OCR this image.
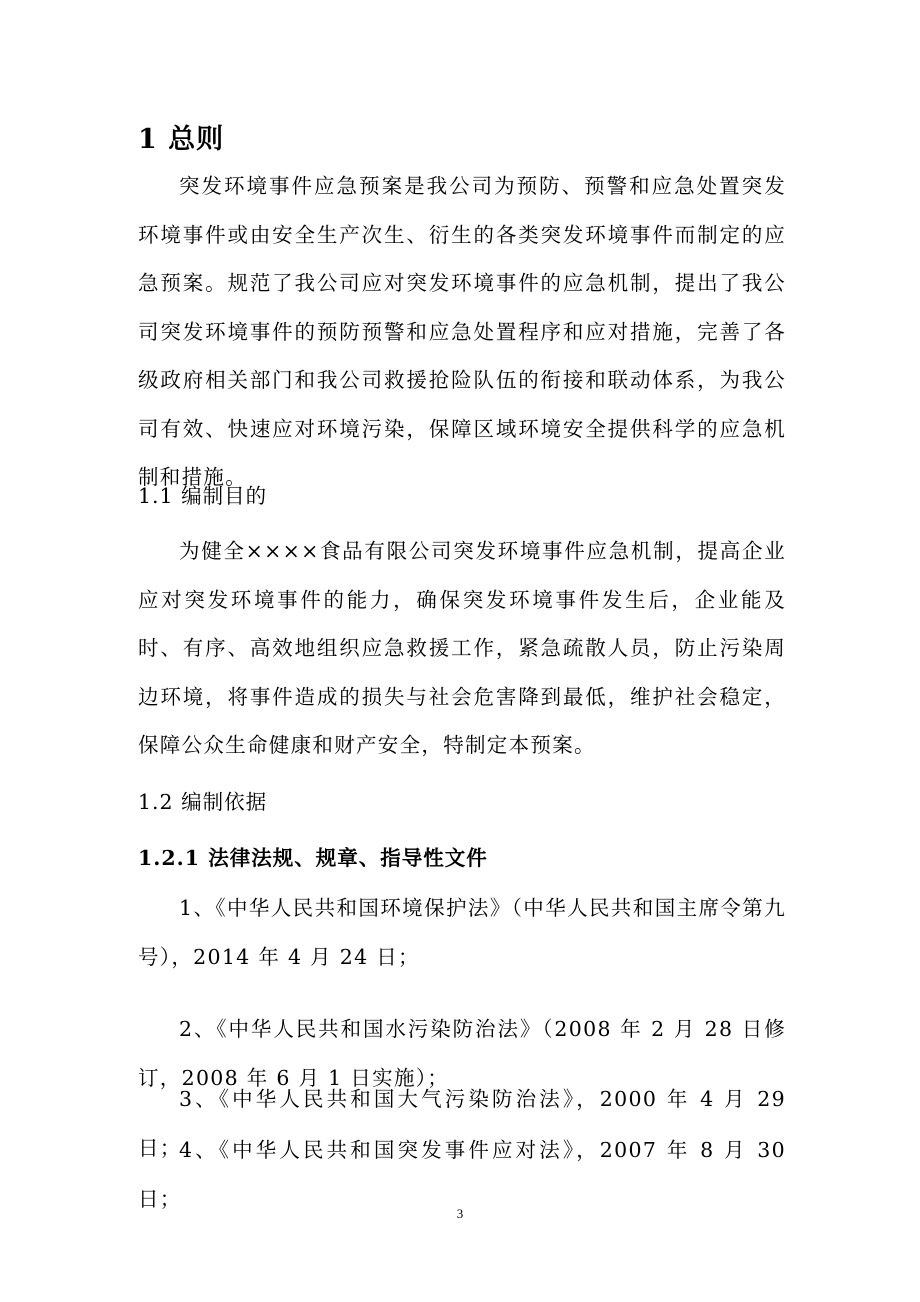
1 总则

突发环境事件应急预案是我公司为预防、预警和应急处置突发环境事件或由安全生产次生、衍生的各类突发环境事件而制定的应急预案。规范了我公司应对突发环境事件的应急机制，提出了我公司突发环境事件的预防预警和应急处置程序和应对措施，完善了各级政府相关部门和我公司救援抢险队伍的衔接和联动体系，为我公司有效、快速应对环境污染，保障区域环境安全提供科学的应急机制和措施。

1.1 编制目的

为健全××××食品有限公司突发环境事件应急机制，提高企业应对突发环境事件的能力，确保突发环境事件发生后，企业能及时、有序、高效地组织应急救援工作，紧急疏散人员，防止污染周边环境，将事件造成的损失与社会危害降到最低，维护社会稳定，保障公众生命健康和财产安全，特制定本预案。

1.2 编制依据
1.2.1 法律法规、规章、指导性文件

1、《中华人民共和国环境保护法》（中华人民共和国主席令第九号），2014 年 4 月 24 日；

2、《中华人民共和国水污染防治法》（2008 年 2 月 28 日修订，2008 年 6 月 1 日实施）；

3、《中华人民共和国大气污染防治法》，2000 年 4 月 29 日；

4、《中华人民共和国突发事件应对法》，2007 年 8 月 30 日；

3
